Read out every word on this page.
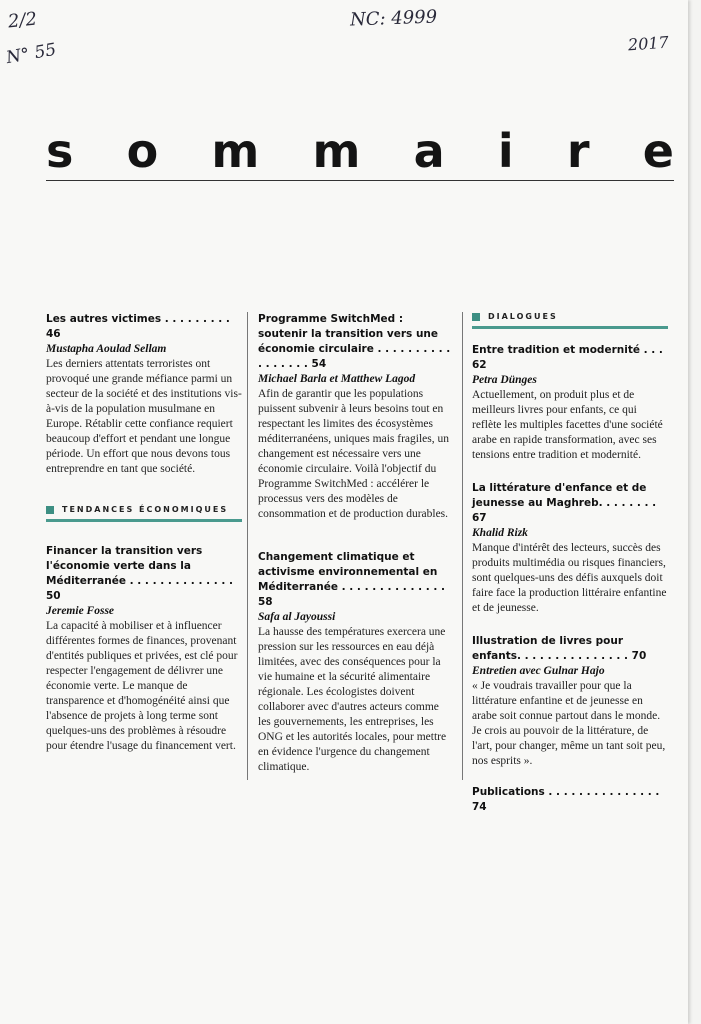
2/2
N° 55
NC: 4999
2017
s o m m a i r e
Les autres victimes . . . . . . . . . 46
Mustapha Aoulad Sellam
Les derniers attentats terroristes ont provoqué une grande méfiance parmi un secteur de la société et des institutions vis-à-vis de la population musulmane en Europe. Rétablir cette confiance requiert beaucoup d'effort et pendant une longue période. Un effort que nous devons tous entreprendre en tant que société.
TENDANCES ÉCONOMIQUES
Financer la transition vers l'économie verte dans la Méditerranée . . . . . . . . . . . . . . 50
Jeremie Fosse
La capacité à mobiliser et à influencer différentes formes de finances, provenant d'entités publiques et privées, est clé pour respecter l'engagement de délivrer une économie verte. Le manque de transparence et d'homogénéité ainsi que l'absence de projets à long terme sont quelques-uns des problèmes à résoudre pour étendre l'usage du financement vert.
Programme SwitchMed : soutenir la transition vers une économie circulaire . . . . . . . . . . . . . . . . . 54
Michael Barla et Matthew Lagod
Afin de garantir que les populations puissent subvenir à leurs besoins tout en respectant les limites des écosystèmes méditerranéens, uniques mais fragiles, un changement est nécessaire vers une économie circulaire. Voilà l'objectif du Programme SwitchMed : accélérer le processus vers des modèles de consommation et de production durables.
Changement climatique et activisme environnemental en Méditerranée . . . . . . . . . . . . . . 58
Safa al Jayoussi
La hausse des températures exercera une pression sur les ressources en eau déjà limitées, avec des conséquences pour la vie humaine et la sécurité alimentaire régionale. Les écologistes doivent collaborer avec d'autres acteurs comme les gouvernements, les entreprises, les ONG et les autorités locales, pour mettre en évidence l'urgence du changement climatique.
DIALOGUES
Entre tradition et modernité . . . 62
Petra Dünges
Actuellement, on produit plus et de meilleurs livres pour enfants, ce qui reflète les multiples facettes d'une société arabe en rapide transformation, avec ses tensions entre tradition et modernité.
La littérature d'enfance et de jeunesse au Maghreb. . . . . . . . 67
Khalid Rizk
Manque d'intérêt des lecteurs, succès des produits multimédia ou risques financiers, sont quelques-uns des défis auxquels doit faire face la production littéraire enfantine et de jeunesse.
Illustration de livres pour enfants. . . . . . . . . . . . . . . 70
Entretien avec Gulnar Hajo
« Je voudrais travailler pour que la littérature enfantine et de jeunesse en arabe soit connue partout dans le monde. Je crois au pouvoir de la littérature, de l'art, pour changer, même un tant soit peu, nos esprits ».
Publications . . . . . . . . . . . . . . . 74
